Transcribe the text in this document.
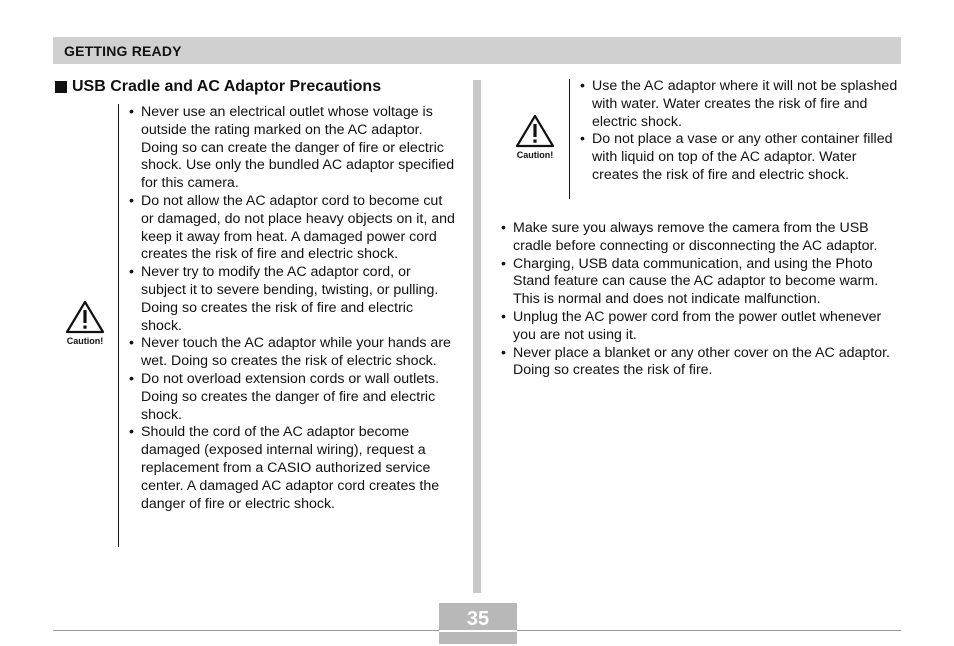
GETTING READY
USB Cradle and AC Adaptor Precautions
Caution!
• Never use an electrical outlet whose voltage is outside the rating marked on the AC adaptor. Doing so can create the danger of fire or electric shock. Use only the bundled AC adaptor specified for this camera.
• Do not allow the AC adaptor cord to become cut or damaged, do not place heavy objects on it, and keep it away from heat. A damaged power cord creates the risk of fire and electric shock.
• Never try to modify the AC adaptor cord, or subject it to severe bending, twisting, or pulling. Doing so creates the risk of fire and electric shock.
• Never touch the AC adaptor while your hands are wet. Doing so creates the risk of electric shock.
• Do not overload extension cords or wall outlets. Doing so creates the danger of fire and electric shock.
• Should the cord of the AC adaptor become damaged (exposed internal wiring), request a replacement from a CASIO authorized service center. A damaged AC adaptor cord creates the danger of fire or electric shock.
Caution!
• Use the AC adaptor where it will not be splashed with water. Water creates the risk of fire and electric shock.
• Do not place a vase or any other container filled with liquid on top of the AC adaptor. Water creates the risk of fire and electric shock.
• Make sure you always remove the camera from the USB cradle before connecting or disconnecting the AC adaptor.
• Charging, USB data communication, and using the Photo Stand feature can cause the AC adaptor to become warm. This is normal and does not indicate malfunction.
• Unplug the AC power cord from the power outlet whenever you are not using it.
• Never place a blanket or any other cover on the AC adaptor. Doing so creates the risk of fire.
35
